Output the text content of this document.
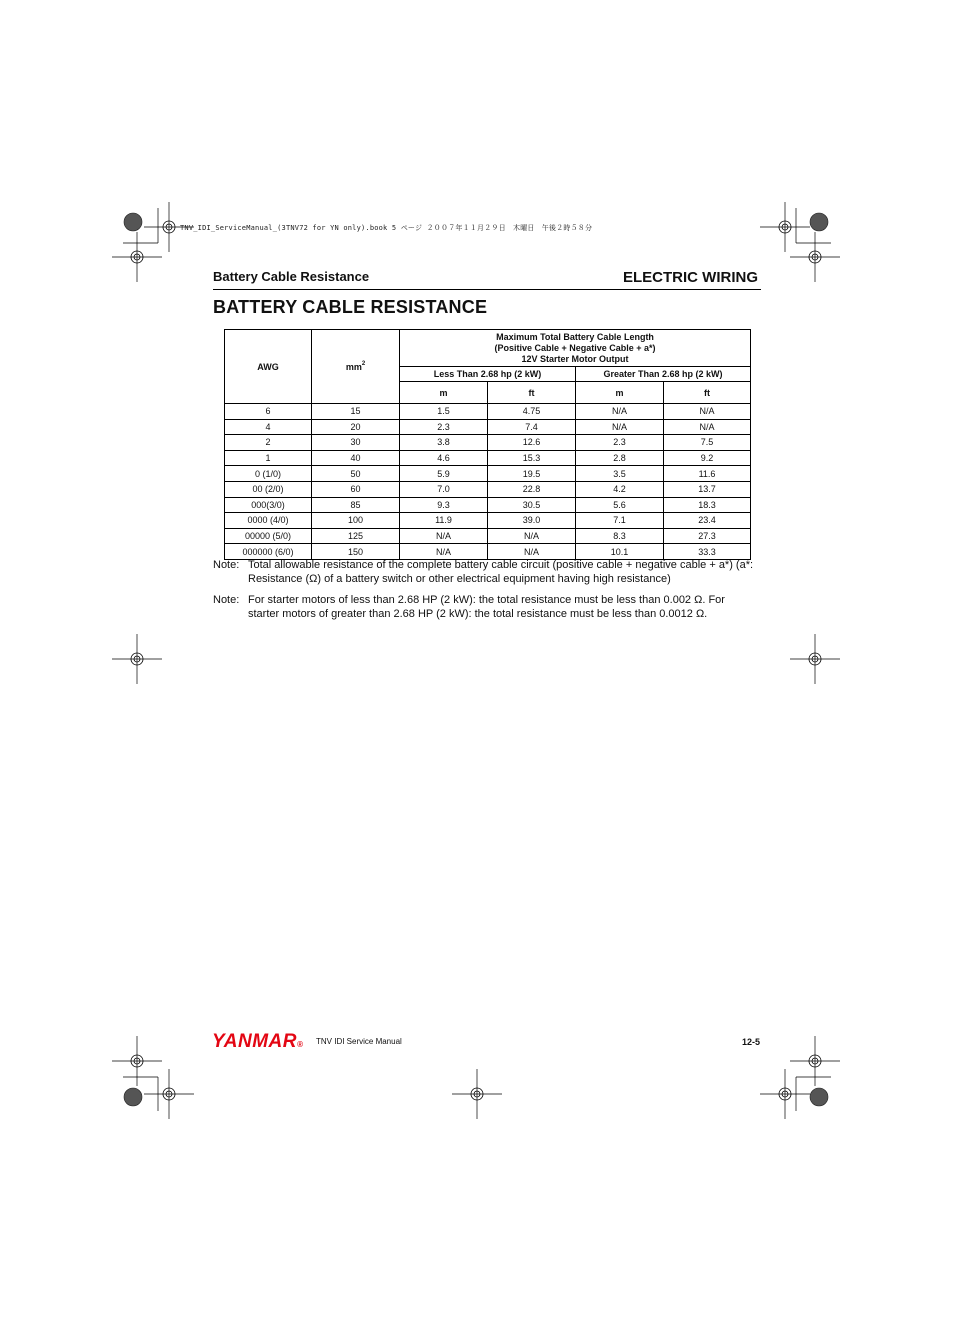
TNV_IDI_ServiceManual_(3TNV72 for YN only).book 5 ページ ２００７年１１月２９日　木曜日　午後２時５８分
Battery Cable Resistance	ELECTRIC WIRING
BATTERY CABLE RESISTANCE
AWG	$mm^2$	Maximum Total Battery Cable Length
(Positive Cable + Negative Cable + a*)
12V Starter Motor Output			

		Less Than 2.68 hp (2 kW)		Greater Than 2.68 hp (2 kW)	
		m	ft	m	ft
6	15	1.5	4.75	N/A	N/A
4	20	2.3	7.4	N/A	N/A
2	30	3.8	12.6	2.3	7.5
1	40	4.6	15.3	2.8	9.2
0 (1/0)	50	5.9	19.5	3.5	11.6
00 (2/0)	60	7.0	22.8	4.2	13.7
000(3/0)	85	9.3	30.5	5.6	18.3
0000 (4/0)	100	11.9	39.0	7.1	23.4
00000 (5/0)	125	N/A	N/A	8.3	27.3
000000 (6/0)	150	N/A	N/A	10.1	33.3
Note: Total allowable resistance of the complete battery cable circuit (positive cable + negative cable + a*) (a*: Resistance (Ω) of a battery switch or other electrical equipment having high resistance)
Note: For starter motors of less than 2.68 HP (2 kW): the total resistance must be less than 0.002 Ω. For starter motors of greater than 2.68 HP (2 kW): the total resistance must be less than 0.0012 Ω.
YANMAR® TNV IDI Service Manual	12-5
